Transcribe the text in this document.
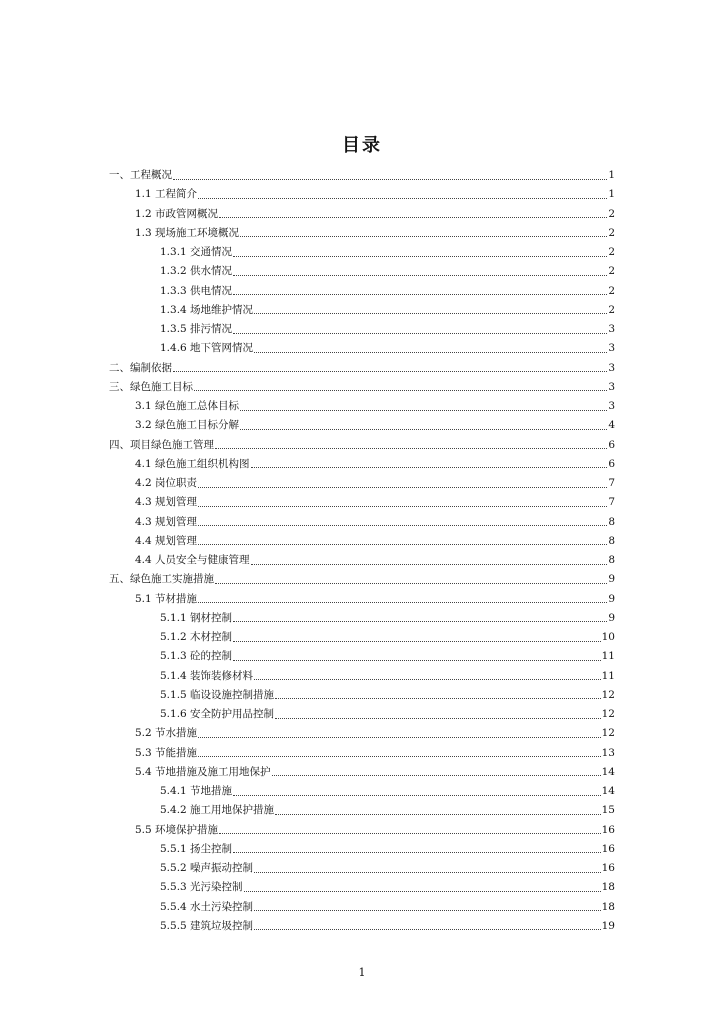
目录
一、工程概况	1
1.1 工程简介	1
1.2 市政管网概况	2
1.3 现场施工环境概况	2
1.3.1 交通情况	2
1.3.2 供水情况	2
1.3.3 供电情况	2
1.3.4 场地维护情况	2
1.3.5 排污情况	3
1.4.6 地下管网情况	3
二、编制依据	3
三、绿色施工目标	3
3.1 绿色施工总体目标	3
3.2 绿色施工目标分解	4
四、项目绿色施工管理	6
4.1 绿色施工组织机构图	6
4.2 岗位职责	7
4.3 规划管理	7
4.3 规划管理	8
4.4 规划管理	8
4.4 人员安全与健康管理	8
五、绿色施工实施措施	9
5.1 节材措施	9
5.1.1 钢材控制	9
5.1.2 木材控制	10
5.1.3 砼的控制	11
5.1.4 装饰装修材料	11
5.1.5 临设设施控制措施	12
5.1.6 安全防护用品控制	12
5.2 节水措施	12
5.3 节能措施	13
5.4 节地措施及施工用地保护	14
5.4.1 节地措施	14
5.4.2 施工用地保护措施	15
5.5 环境保护措施	16
5.5.1 扬尘控制	16
5.5.2 噪声振动控制	16
5.5.3 光污染控制	18
5.5.4 水土污染控制	18
5.5.5 建筑垃圾控制	19
1
